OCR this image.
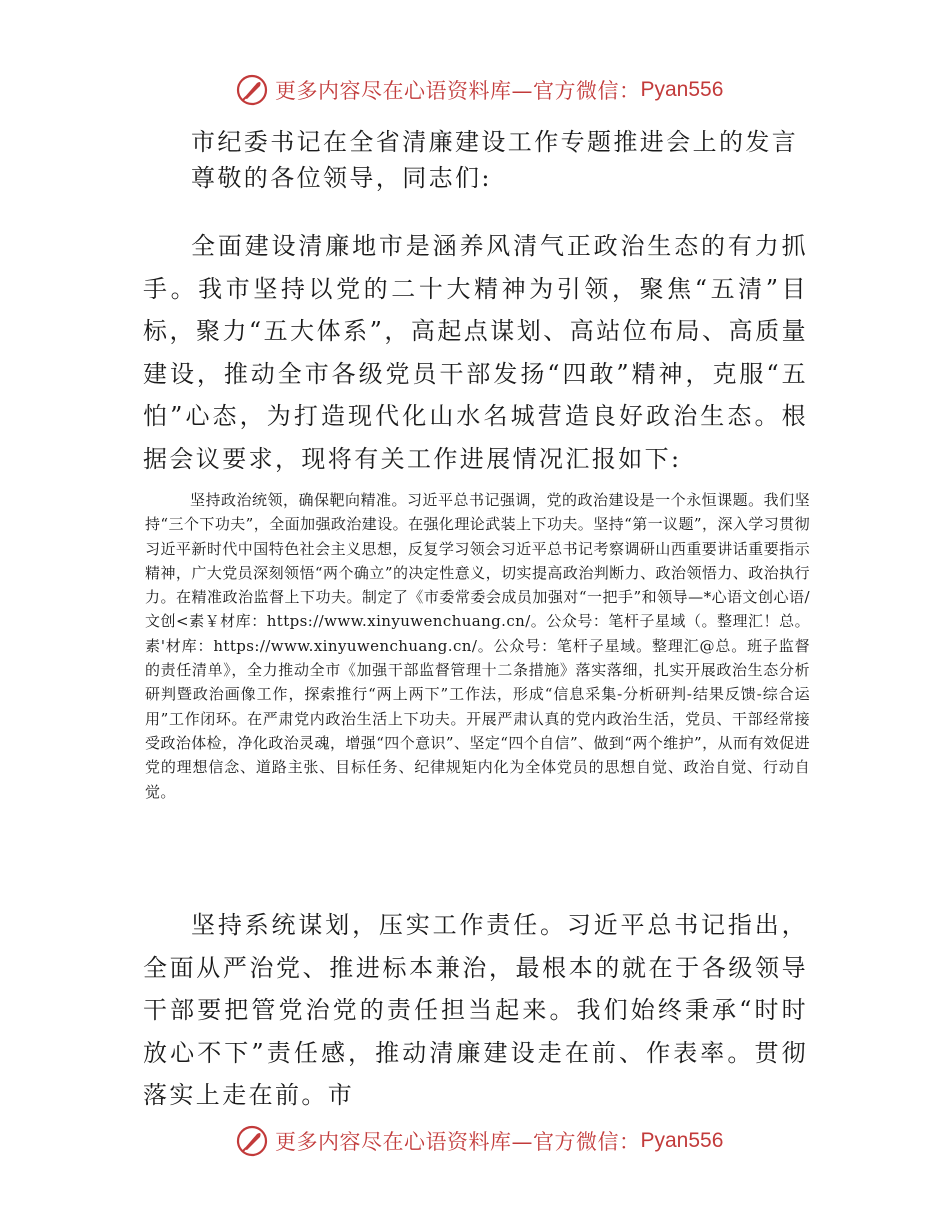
更多内容尽在心语资料库—官方微信： Pyan556

市纪委书记在全省清廉建设工作专题推进会上的发言

尊敬的各位领导，同志们:

全面建设清廉地市是涵养风清气正政治生态的有力抓手。我市坚持以党的二十大精神为引领，聚焦“五清”目标，聚力“五大体系”，高起点谋划、高站位布局、高质量建设，推动全市各级党员干部发扬“四敢”精神，克服“五怕”心态，为打造现代化山水名城营造良好政治生态。根据会议要求，现将有关工作进展情况汇报如下:

坚持政治统领，确保靶向精准。习近平总书记强调，党的政治建设是一个永恒课题。我们坚持“三个下功夫”，全面加强政治建设。在强化理论武装上下功夫。坚持“第一议题”，深入学习贯彻习近平新时代中国特色社会主义思想，反复学习领会习近平总书记考察调研山西重要讲话重要指示精神，广大党员深刻领悟“两个确立”的决定性意义，切实提高政治判断力、政治领悟力、政治执行力。在精准政治监督上下功夫。制定了《市委常委会成员加强对“一把手”和领导—*心语文创心语/文创<素￥材库：https://www.xinyuwenchuang.cn/。公众号：笔杆子星域（。整理汇！总。素'材库：https://www.xinyuwenchuang.cn/。公众号：笔杆子星域。整理汇@总。班子监督的责任清单》，全力推动全市《加强干部监督管理十二条措施》落实落细，扎实开展政治生态分析研判暨政治画像工作，探索推行“两上两下”工作法，形成“信息采集-分析研判-结果反馈-综合运用”工作闭环。在严肃党内政治生活上下功夫。开展严肃认真的党内政治生活，党员、干部经常接受政治体检，净化政治灵魂，增强“四个意识”、坚定“四个自信”、做到“两个维护”，从而有效促进党的理想信念、道路主张、目标任务、纪律规矩内化为全体党员的思想自觉、政治自觉、行动自觉。

坚持系统谋划，压实工作责任。习近平总书记指出，全面从严治党、推进标本兼治，最根本的就在于各级领导干部要把管党治党的责任担当起来。我们始终秉承“时时放心不下”责任感，推动清廉建设走在前、作表率。贯彻落实上走在前。市

更多内容尽在心语资料库—官方微信： Pyan556
